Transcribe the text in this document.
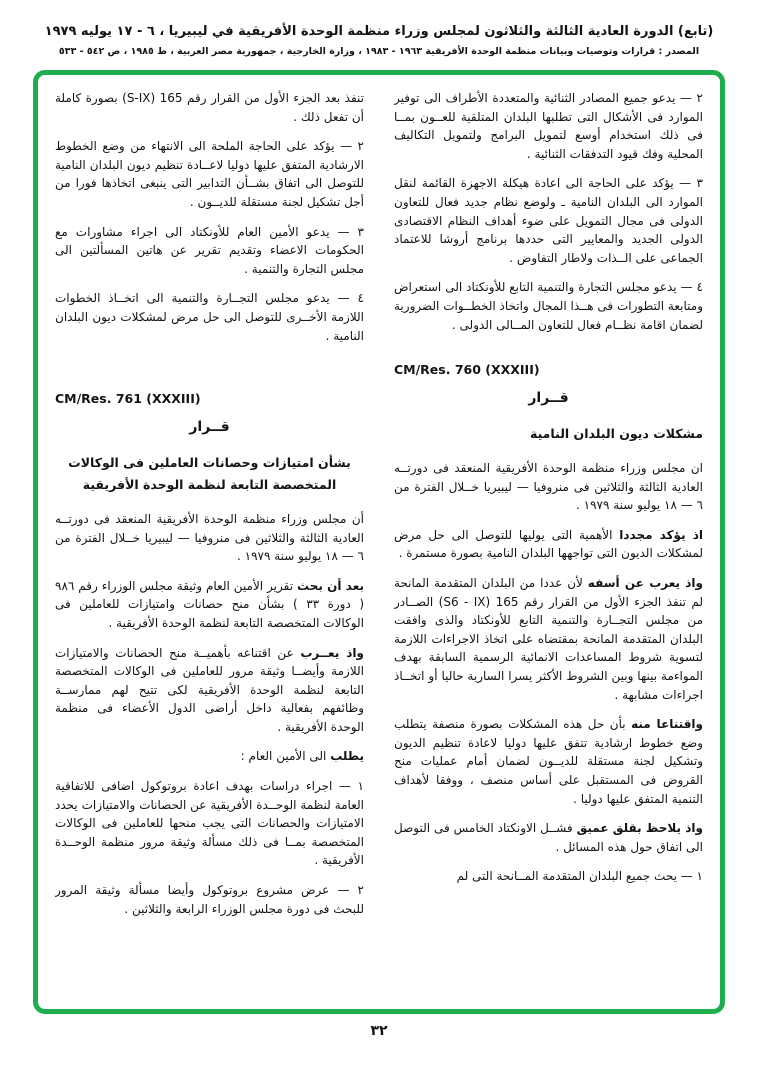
(تابع) الدورة العادية الثالثة والثلاثون لمجلس وزراء منظمة الوحدة الأفريقية في ليبيريا ، ٦ - ١٧ يوليه ١٩٧٩
المصدر : قرارات وتوصيات وبيانات منظمة الوحدة الأفريقية ١٩٦٣ - ١٩٨٣ ، وزارة الخارجية ، جمهورية مصر العربية ، ط ١٩٨٥ ، ص ٥٤٢ - ٥٣٣

٢ — يدعو جميع المصادر الثنائية والمتعددة الأطراف الى توفير الموارد فى الأشكال التى تطلبها البلدان المتلقية للعــون بمــا فى ذلك استخدام أوسع لتمويل البرامج ولتمويل التكاليف المحلية وفك قيود التدفقات الثنائية .

٣ — يؤكد على الحاجة الى اعادة هيكلة الاجهزة القائمة لنقل الموارد الى البلدان النامية ـ ولوضع نظام جديد فعال للتعاون الدولى فى مجال التمويل على ضوء أهداف النظام الاقتصادى الدولى الجديد والمعايير التى حددها برنامج أروشا للاعتماد الجماعى على الــذات ولاطار التفاوض .

٤ — يدعو مجلس التجارة والتنمية التابع للأونكتاد الى استعراض ومتابعة التطورات فى هــذا المجال واتخاذ الخطــوات الضرورية لضمان اقامة نظــام فعال للتعاون المــالى الدولى .

CM/Res. 760 (XXXIII)

قــرار
مشكلات ديون البلدان النامية

ان مجلس وزراء منظمة الوحدة الأفريقية المنعقد فى دورتــه العادية الثالثة والثلاثين فى منروفيا — ليبيريا خــلال الفترة من ٦ — ١٨ يوليو سنة ١٩٧٩ .

اذ يؤكد مجددا الأهمية التى يوليها للتوصل الى حل مرض لمشكلات الديون التى تواجهها البلدان النامية بصورة مستمرة .

واذ يعرب عن أسفه لأن عددا من البلدان المتقدمة المانحة لم تنفذ الجزء الأول من القرار رقم 165 (S6 - IX) الصــادر من مجلس التجــارة والتنمية التابع للأونكتاد والذى وافقت البلدان المتقدمة المانحة بمقتضاه على اتخاذ الاجراءات اللازمة لتسوية شروط المساعدات الانمائية الرسمية السابقة بهدف المواءمة بينها وبين الشروط الأكثر يسرا السارية حاليا أو اتخــاذ اجراءات مشابهة .

واقتناعا منه بأن حل هذه المشكلات بصورة منصفة يتطلب وضع خطوط ارشادية تتفق عليها دوليا لاعادة تنظيم الديون وتشكيل لجنة مستقلة للديــون لضمان أمام عمليات منح القروض فى المستقبل على أساس منصف ، ووفقا لأهداف التنمية المتفق عليها دوليا .

واذ يلاحظ بقلق عميق فشــل الاونكتاد الخامس فى التوصل الى اتفاق حول هذه المسائل .

١ — يحث جميع البلدان المتقدمة المــانحة التى لم

تنفذ بعد الجزء الأول من القرار رقم 165 (S-IX) بصورة كاملة أن تفعل ذلك .

٢ — يؤكد على الحاجة الملحة الى الانتهاء من وضع الخطوط الارشادية المتفق عليها دوليا لاعــادة تنظيم ديون البلدان النامية للتوصل الى اتفاق بشــأن التدابير التى ينبغى اتخاذها فورا من أجل تشكيل لجنة مستقلة للديــون .

٣ — يدعو الأمين العام للأونكتاد الى اجراء مشاورات مع الحكومات الاعضاء وتقديم تقرير عن هاتين المسألتين الى مجلس التجارة والتنمية .

٤ — يدعو مجلس التجــارة والتنمية الى اتخــاذ الخطوات اللازمة الأخــرى للتوصل الى حل مرض لمشكلات ديون البلدان النامية .

CM/Res. 761 (XXXIII)

قــرار
بشأن امتيازات وحصانات العاملين فى الوكالات المتخصصة التابعة لنظمة الوحدة الأفريقية

أن مجلس وزراء منظمة الوحدة الأفريقية المنعقد فى دورتــه العادية الثالثة والثلاثين فى منروفيا — ليبيريا خــلال الفترة من ٦ — ١٨ يوليو سنة ١٩٧٩ .

بعد أن بحث تقرير الأمين العام وثيقة مجلس الوزراء رقم ٩٨٦ ( دورة ٣٣ ) بشأن منح حصانات وامتيازات للعاملين فى الوكالات المتخصصة التابعة لنظمة الوحدة الأفريقية .

واذ يعــرب عن اقتناعه بأهميــة منح الحصانات والامتيازات اللازمة وأيضــا وثيقة مرور للعاملين فى الوكالات المتخصصة التابعة لنظمة الوحدة الأفريقية لكى تتيح لهم ممارســة وظائفهم بفعالية داخل أراضى الدول الأعضاء فى منظمة الوحدة الأفريقية .

يطلب الى الأمين العام :

١ — اجراء دراسات بهدف اعادة بروتوكول اضافى للاتفاقية العامة لنظمة الوحــدة الأفريقية عن الحصانات والامتيازات يحدد الامتيازات والحصانات التى يجب منحها للعاملين فى الوكالات المتخصصة بمــا فى ذلك مسألة وثيقة مرور منظمة الوحــدة الأفريقية .

٢ — عرض مشروع بروتوكول وأيضا مسألة وثيقة المرور للبحث فى دورة مجلس الوزراء الرابعة والثلاثين .

٣٢
